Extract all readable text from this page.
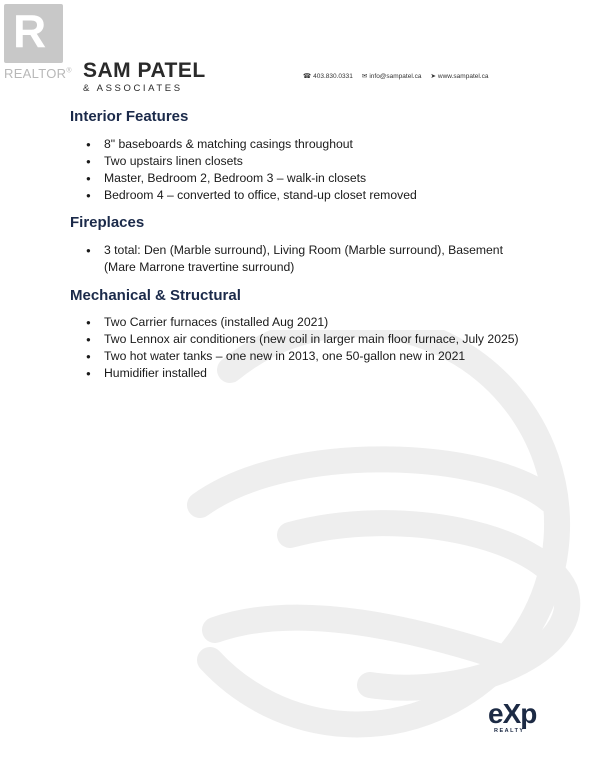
R
REALTOR® SAM PATEL
& ASSOCIATES
☎ 403.830.0331 ✉ info@sampatel.ca ➤ www.sampatel.ca
Interior Features
● 8" baseboards & matching casings throughout
● Two upstairs linen closets
● Master, Bedroom 2, Bedroom 3 – walk-in closets
● Bedroom 4 – converted to office, stand-up closet removed
Fireplaces
● 3 total: Den (Marble surround), Living Room (Marble surround), Basement (Mare Marrone travertine surround)
Mechanical & Structural
● Two Carrier furnaces (installed Aug 2021)
● Two Lennox air conditioners (new coil in larger main floor furnace, July 2025)
● Two hot water tanks – one new in 2013, one 50-gallon new in 2021
● Humidifier installed
eXp
REALTY
